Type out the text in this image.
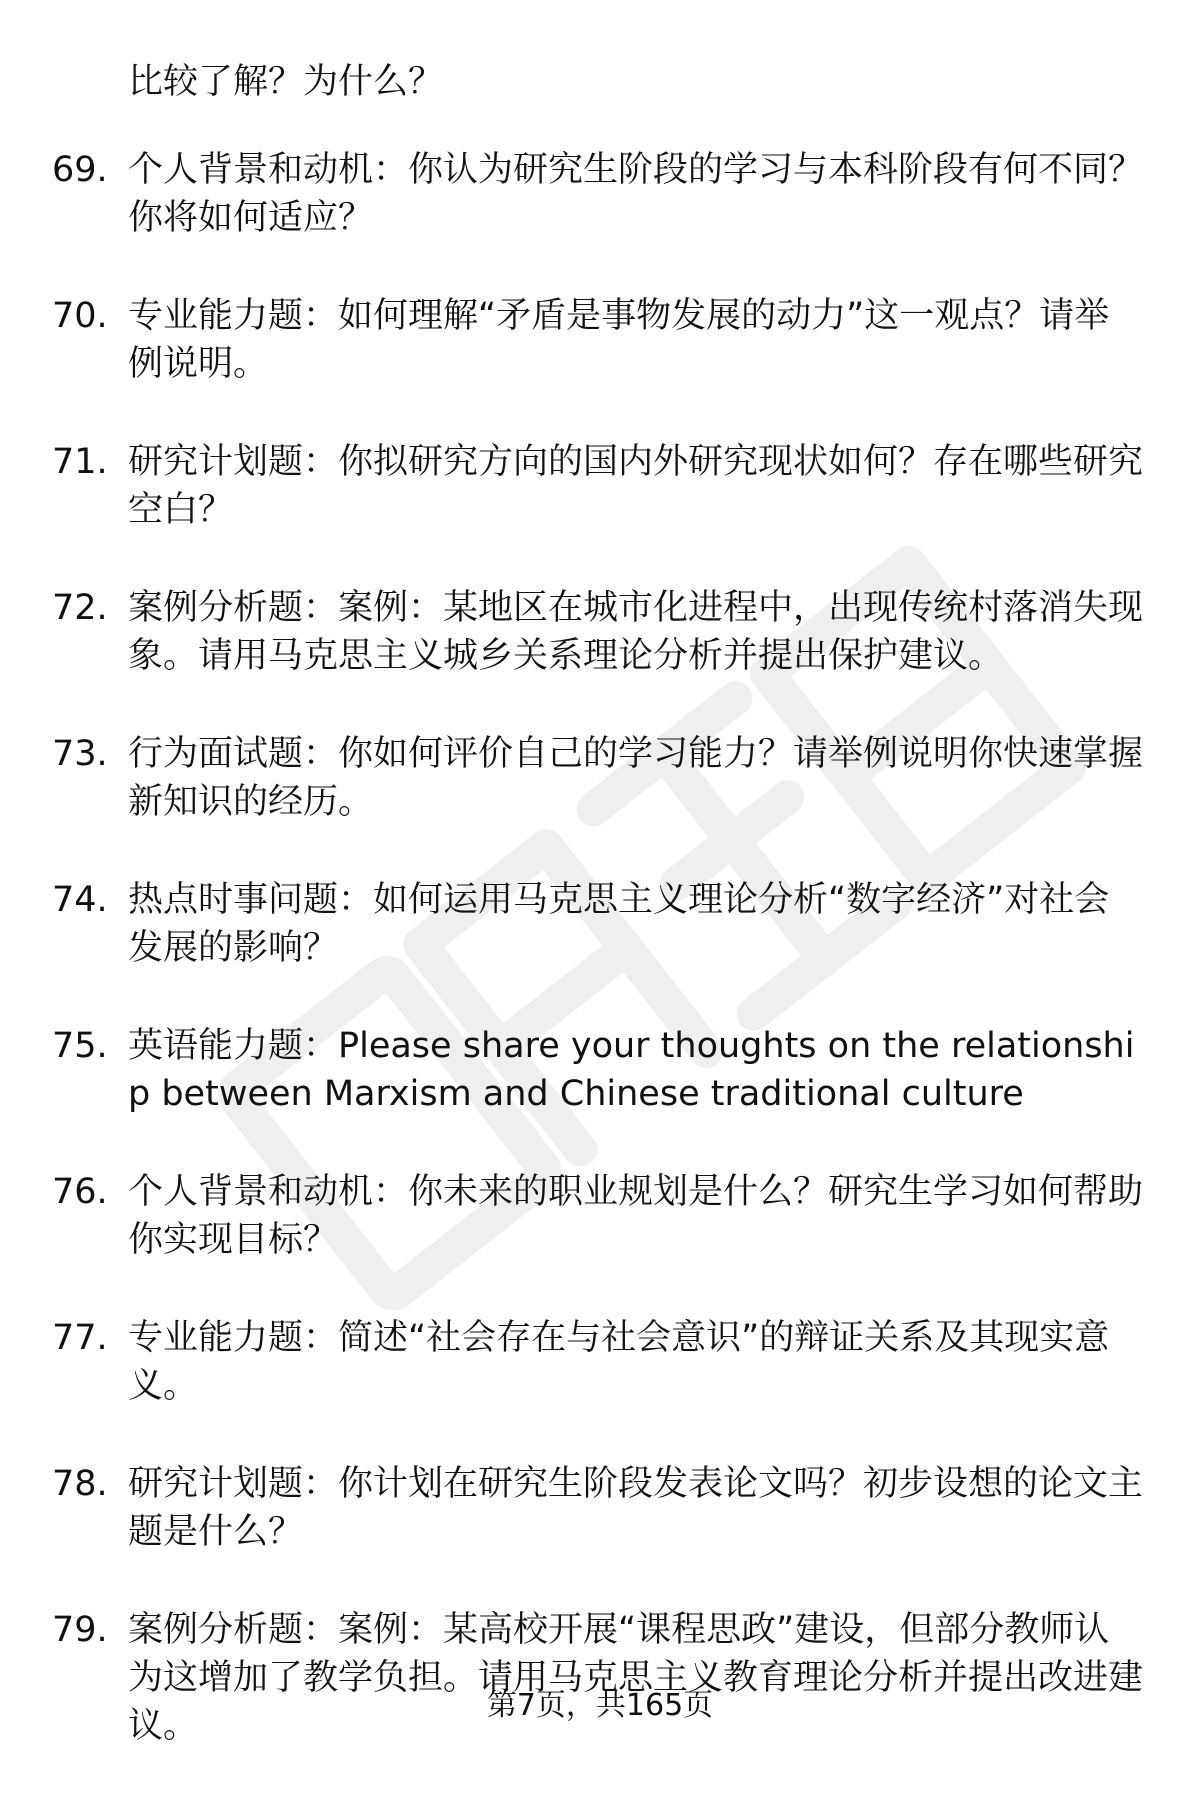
比较了解？为什么？
69. 个人背景和动机：你认为研究生阶段的学习与本科阶段有何不同？你将如何适应？
70. 专业能力题：如何理解“矛盾是事物发展的动力”这一观点？请举例说明。
71. 研究计划题：你拟研究方向的国内外研究现状如何？存在哪些研究空白？
72. 案例分析题：案例：某地区在城市化进程中，出现传统村落消失现象。请用马克思主义城乡关系理论分析并提出保护建议。
73. 行为面试题：你如何评价自己的学习能力？请举例说明你快速掌握新知识的经历。
74. 热点时事问题：如何运用马克思主义理论分析“数字经济”对社会发展的影响？
75. 英语能力题：Please share your thoughts on the relationship between Marxism and Chinese traditional culture
76. 个人背景和动机：你未来的职业规划是什么？研究生学习如何帮助你实现目标？
77. 专业能力题：简述“社会存在与社会意识”的辩证关系及其现实意义。
78. 研究计划题：你计划在研究生阶段发表论文吗？初步设想的论文主题是什么？
79. 案例分析题：案例：某高校开展“课程思政”建设，但部分教师认为这增加了教学负担。请用马克思主义教育理论分析并提出改进建议。
第7页，共165页
